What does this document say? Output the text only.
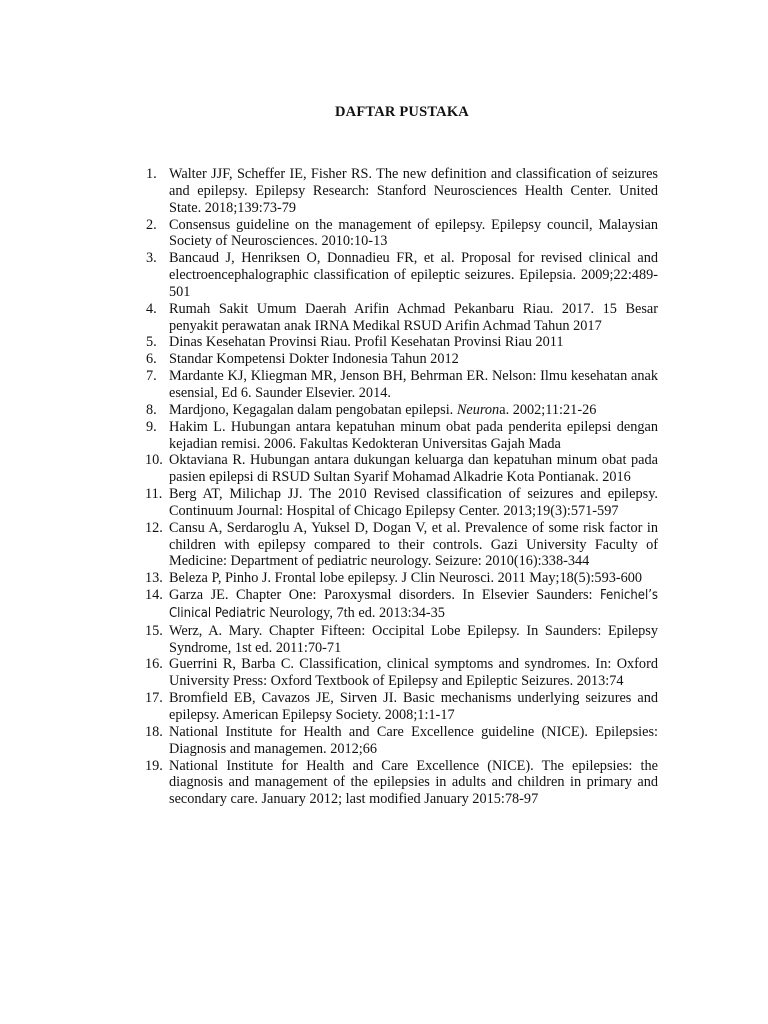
DAFTAR PUSTAKA
1. Walter JJF, Scheffer IE, Fisher RS. The new definition and classification of seizures and epilepsy. Epilepsy Research: Stanford Neurosciences Health Center. United State. 2018;139:73-79
2. Consensus guideline on the management of epilepsy. Epilepsy council, Malaysian Society of Neurosciences. 2010:10-13
3. Bancaud J, Henriksen O, Donnadieu FR, et al. Proposal for revised clinical and electroencephalographic classification of epileptic seizures. Epilepsia. 2009;22:489-501
4. Rumah Sakit Umum Daerah Arifin Achmad Pekanbaru Riau. 2017. 15 Besar penyakit perawatan anak IRNA Medikal RSUD Arifin Achmad Tahun 2017
5. Dinas Kesehatan Provinsi Riau. Profil Kesehatan Provinsi Riau 2011
6. Standar Kompetensi Dokter Indonesia Tahun 2012
7. Mardante KJ, Kliegman MR, Jenson BH, Behrman ER. Nelson: Ilmu kesehatan anak esensial, Ed 6. Saunder Elsevier. 2014.
8. Mardjono, Kegagalan dalam pengobatan epilepsi. Neurona. 2002;11:21-26
9. Hakim L. Hubungan antara kepatuhan minum obat pada penderita epilepsi dengan kejadian remisi. 2006. Fakultas Kedokteran Universitas Gajah Mada
10. Oktaviana R. Hubungan antara dukungan keluarga dan kepatuhan minum obat pada pasien epilepsi di RSUD Sultan Syarif Mohamad Alkadrie Kota Pontianak. 2016
11. Berg AT, Milichap JJ. The 2010 Revised classification of seizures and epilepsy. Continuum Journal: Hospital of Chicago Epilepsy Center. 2013;19(3):571-597
12. Cansu A, Serdaroglu A, Yuksel D, Dogan V, et al. Prevalence of some risk factor in children with epilepsy compared to their controls. Gazi University Faculty of Medicine: Department of pediatric neurology. Seizure: 2010(16):338-344
13. Beleza P, Pinho J. Frontal lobe epilepsy. J Clin Neurosci. 2011 May;18(5):593-600
14. Garza JE. Chapter One: Paroxysmal disorders. In Elsevier Saunders: Fenichel’s Clinical Pediatric Neurology, 7th ed. 2013:34-35
15. Werz, A. Mary. Chapter Fifteen: Occipital Lobe Epilepsy. In Saunders: Epilepsy Syndrome, 1st ed. 2011:70-71
16. Guerrini R, Barba C. Classification, clinical symptoms and syndromes. In: Oxford University Press: Oxford Textbook of Epilepsy and Epileptic Seizures. 2013:74
17. Bromfield EB, Cavazos JE, Sirven JI. Basic mechanisms underlying seizures and epilepsy. American Epilepsy Society. 2008;1:1-17
18. National Institute for Health and Care Excellence guideline (NICE). Epilepsies: Diagnosis and managemen. 2012;66
19. National Institute for Health and Care Excellence (NICE). The epilepsies: the diagnosis and management of the epilepsies in adults and children in primary and secondary care. January 2012; last modified January 2015:78-97
